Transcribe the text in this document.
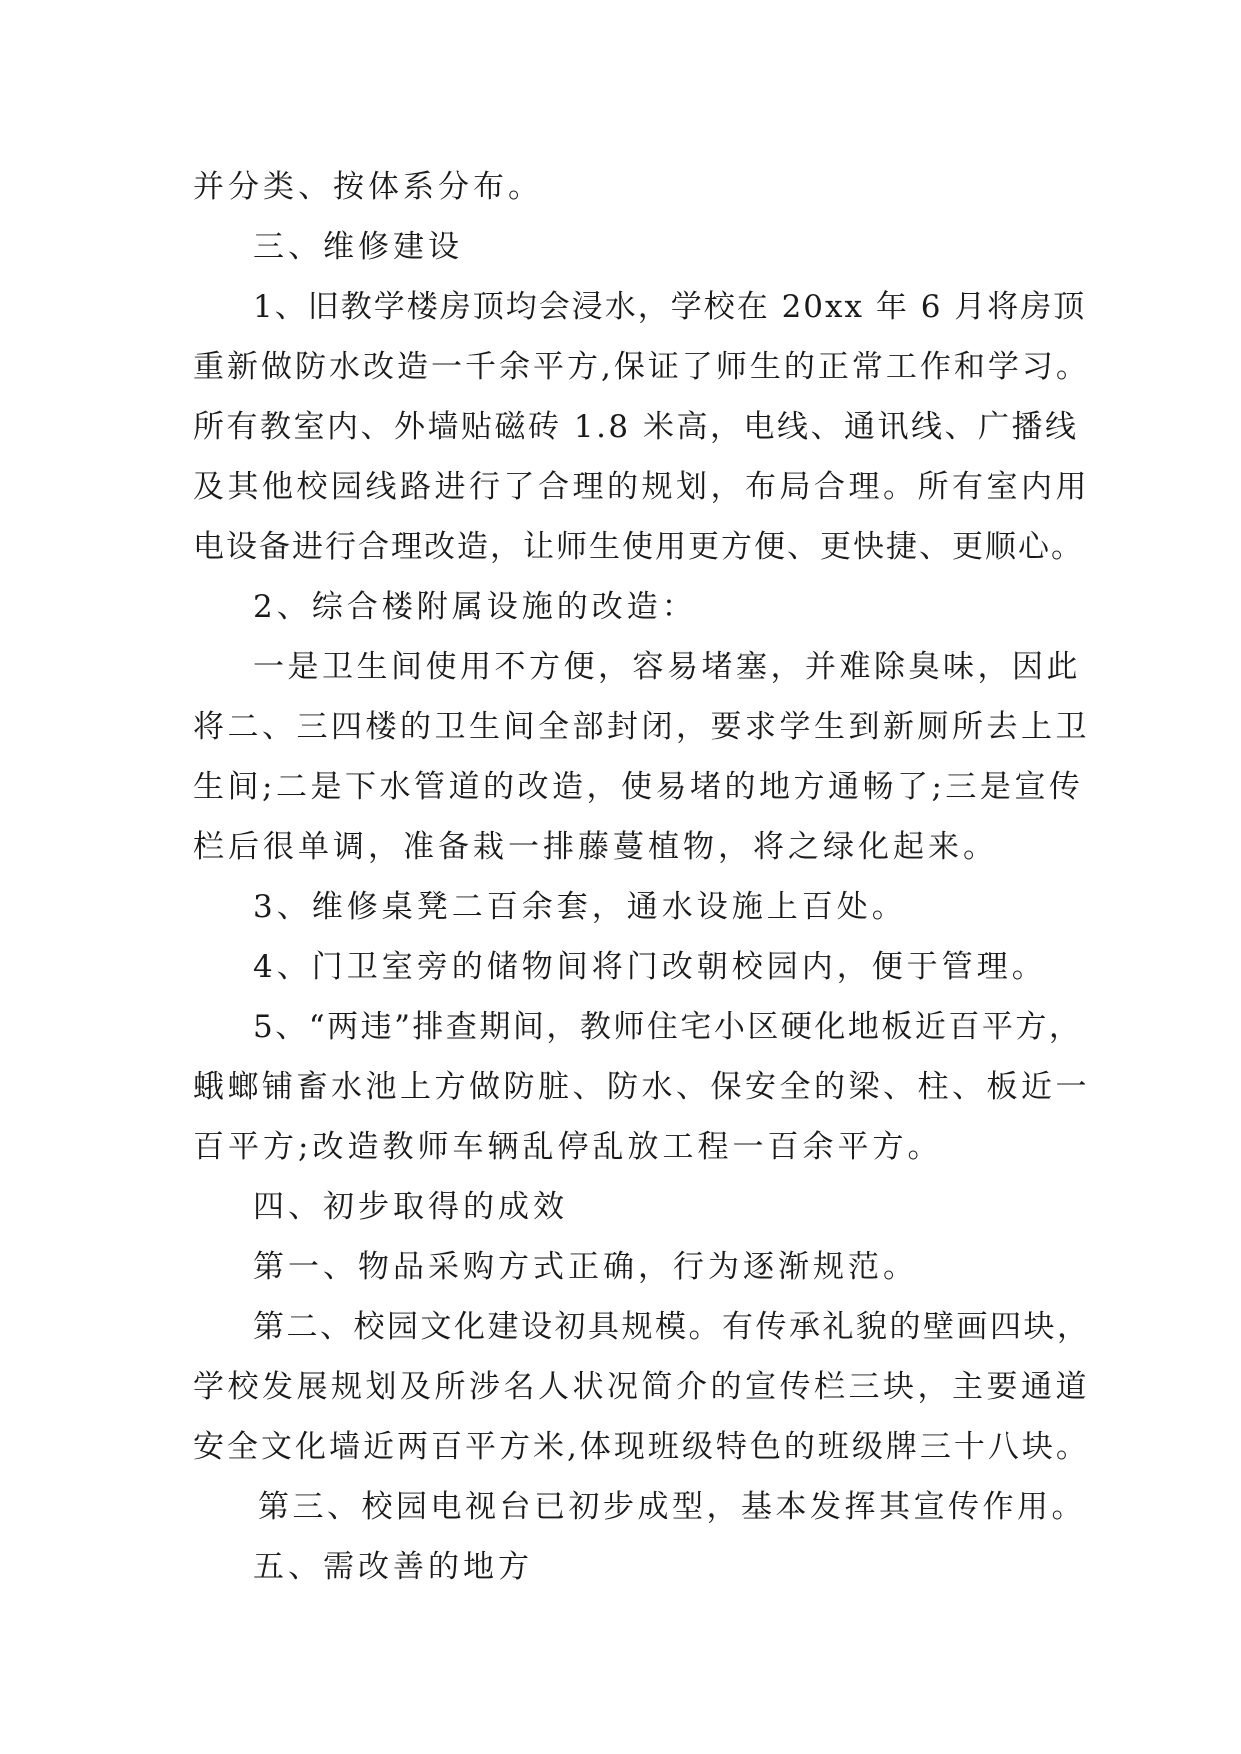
并分类、按体系分布。
三、维修建设
1、旧教学楼房顶均会浸水，学校在 20xx 年 6 月将房顶
重新做防水改造一千余平方,保证了师生的正常工作和学习。
所有教室内、外墙贴磁砖 1.8 米高，电线、通讯线、广播线
及其他校园线路进行了合理的规划，布局合理。所有室内用
电设备进行合理改造，让师生使用更方便、更快捷、更顺心。
2、综合楼附属设施的改造：
一是卫生间使用不方便，容易堵塞，并难除臭味，因此
将二、三四楼的卫生间全部封闭，要求学生到新厕所去上卫
生间;二是下水管道的改造，使易堵的地方通畅了;三是宣传
栏后很单调，准备栽一排藤蔓植物，将之绿化起来。
3、维修桌凳二百余套，通水设施上百处。
4、门卫室旁的储物间将门改朝校园内，便于管理。
5、“两违”排查期间，教师住宅小区硬化地板近百平方，
蛾螂铺畜水池上方做防脏、防水、保安全的梁、柱、板近一
百平方;改造教师车辆乱停乱放工程一百余平方。
四、初步取得的成效
第一、物品采购方式正确，行为逐渐规范。
第二、校园文化建设初具规模。有传承礼貌的壁画四块，
学校发展规划及所涉名人状况简介的宣传栏三块，主要通道
安全文化墙近两百平方米,体现班级特色的班级牌三十八块。
第三、校园电视台已初步成型，基本发挥其宣传作用。
五、需改善的地方
